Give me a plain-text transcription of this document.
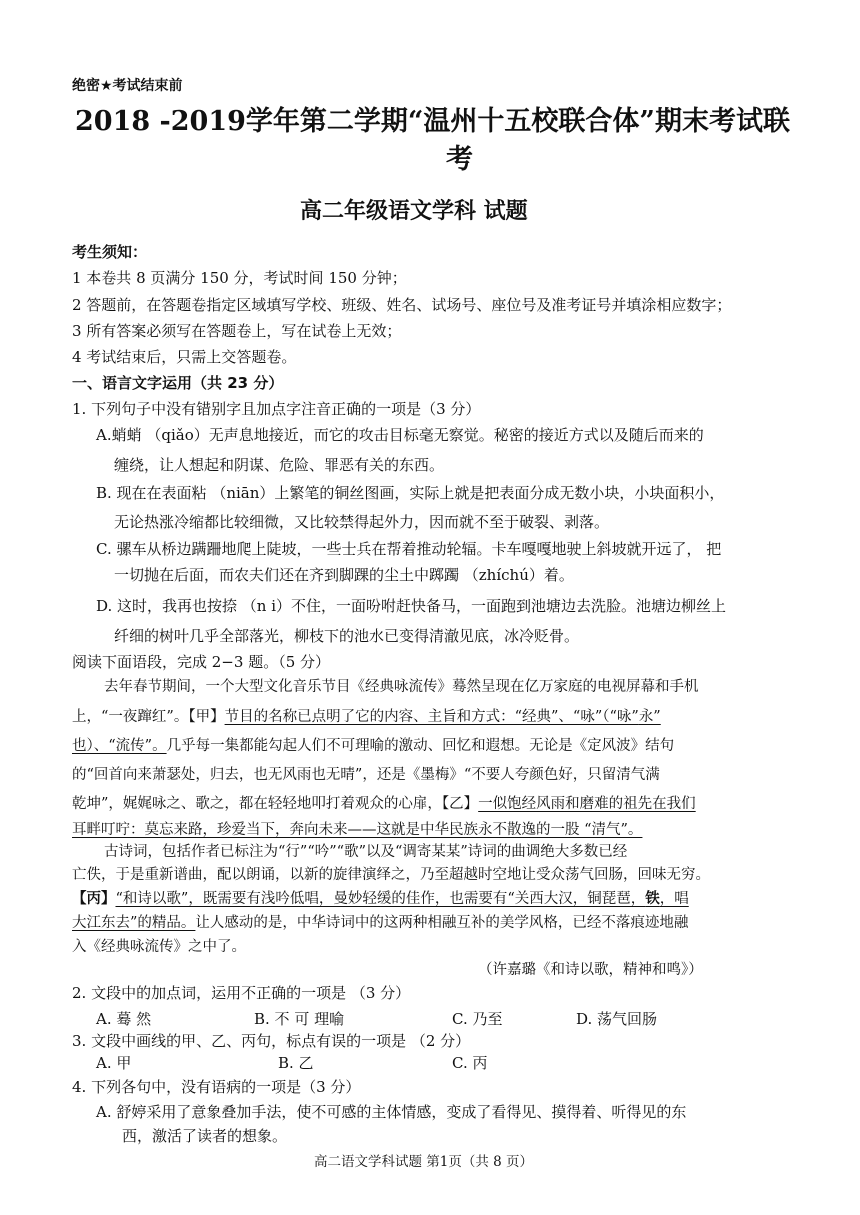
绝密★考试结束前
2018 -2019学年第二学期“温州十五校联合体”期末考试联
考
高二年级语文学科 试题
考生须知：
1 本卷共 8 页满分 150 分，考试时间 150 分钟；
2 答题前，在答题卷指定区域填写学校、班级、姓名、试场号、座位号及准考证号并填涂相应数字；
3 所有答案必须写在答题卷上，写在试卷上无效；
4 考试结束后，只需上交答题卷。
一、语言文字运用（共 23 分）
1. 下列句子中没有错别字且加点字注音正确的一项是（3 分）
A.蛸蛸 （qiǎo）无声息地接近，而它的攻击目标毫无察觉。秘密的接近方式以及随后而来的
缠绕，让人想起和阴谋、危险、罪恶有关的东西。
B. 现在在表面粘 （niān）上繁笔的铜丝图画，实际上就是把表面分成无数小块，小块面积小，
无论热涨冷缩都比较细微，又比较禁得起外力，因而就不至于破裂、剥落。
C. 骡车从桥边蹒跚地爬上陡坡，一些士兵在帮着推动轮辐。卡车嘎嘎地驶上斜坡就开远了， 把
一切抛在后面，而农夫们还在齐到脚踝的尘土中踯躅 （zhíchú）着。
D. 这时，我再也按捺 （n i）不住，一面吩咐赶快备马，一面跑到池塘边去洗脸。池塘边柳丝上
纤细的树叶几乎全部落光，柳枝下的池水已变得清澈见底，冰冷贬骨。
阅读下面语段，完成 2−3 题。（5 分）
去年春节期间，一个大型文化音乐节目《经典咏流传》蓦然呈现在亿万家庭的电视屏幕和手机
上，“一夜蹿红”。【甲】节目的名称已点明了它的内容、主旨和方式：“经典”、“咏”（“咏”永”
也）、“流传”。几乎每一集都能勾起人们不可理喻的激动、回忆和遐想。无论是《定风波》结句
的“回首向来萧瑟处，归去，也无风雨也无晴”，还是《墨梅》“不要人夸颜色好，只留清气满
乾坤”，娓娓咏之、歌之，都在轻轻地叩打着观众的心扉，【乙】一似饱经风雨和磨难的祖先在我们
耳畔叮咛：莫忘来路，珍爱当下，奔向未来——这就是中华民族永不散逸的一股 “清气”。
古诗词，包括作者已标注为“行”“吟”“歌”以及“调寄某某”诗词的曲调绝大多数已经
亡佚，于是重新谱曲，配以朗诵，以新的旋律演绎之，乃至超越时空地让受众荡气回肠，回味无穷。
【丙】“和诗以歌”，既需要有浅吟低唱，曼妙轻缓的佳作，也需要有“关西大汉，铜琵琶，铁，唱
大江东去”的精品。让人感动的是，中华诗词中的这两种相融互补的美学风格，已经不落痕迹地融
入《经典咏流传》之中了。
（许嘉璐《和诗以歌，精神和鸣》）
2. 文段中的加点词，运用不正确的一项是 （3 分）
A. 蓦 然	B. 不 可 理喻	C. 乃至	D. 荡气回肠
3. 文段中画线的甲、乙、丙句，标点有误的一项是 （2 分）
A. 甲	B. 乙	C. 丙
4. 下列各句中，没有语病的一项是（3 分）
A. 舒婷采用了意象叠加手法，使不可感的主体情感，变成了看得见、摸得着、听得见的东
西，激活了读者的想象。
高二语文学科试题 第1页（共 8 页）
